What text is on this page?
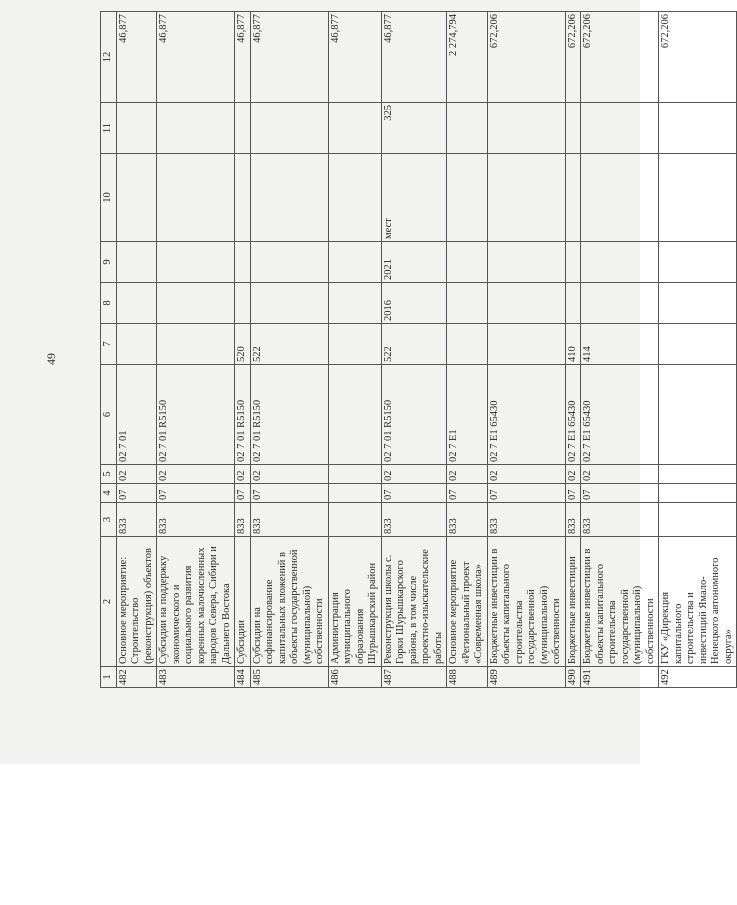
49
1	2	3	4	5	6	7	8	9	10	11	12
482	Основное мероприятие: Строительство (реконструкция) объектов	833	07	02	02 7 01						46,877
483	Субсидии на поддержку экономического и социального развития коренных малочисленных народов Севера, Сибири и Дальнего Востока	833	07	02	02 7 01 R5150						46,877
484	Субсидии	833	07	02	02 7 01 R5150	520					46,877
485	Субсидии на софинансирование капитальных вложений в объекты государственной (муниципальной) собственности	833	07	02	02 7 01 R5150	522					46,877
486	Администрация муниципального образования Шурышкарский район										46,877
487	Реконструкция школы с. Горки Шурышкарского района, в том числе проектно-изыскательские работы	833	07	02	02 7 01 R5150	522	2016	2021	мест	325	46,877
488	Основное мероприятие «Региональный проект «Современная школа»	833	07	02	02 7 Е1						2 274,794
489	Бюджетные инвестиции в объекты капитального строительства государственной (муниципальной) собственности	833	07	02	02 7 Е1 65430						672,206
490	Бюджетные инвестиции	833	07	02	02 7 Е1 65430	410					672,206
491	Бюджетные инвестиции в объекты капитального строительства государственной (муниципальной) собственности	833	07	02	02 7 Е1 65430	414					672,206
492	ГКУ «Дирекция капитального строительства и инвестиций Ямало-Ненецкого автономного округа»										672,206
